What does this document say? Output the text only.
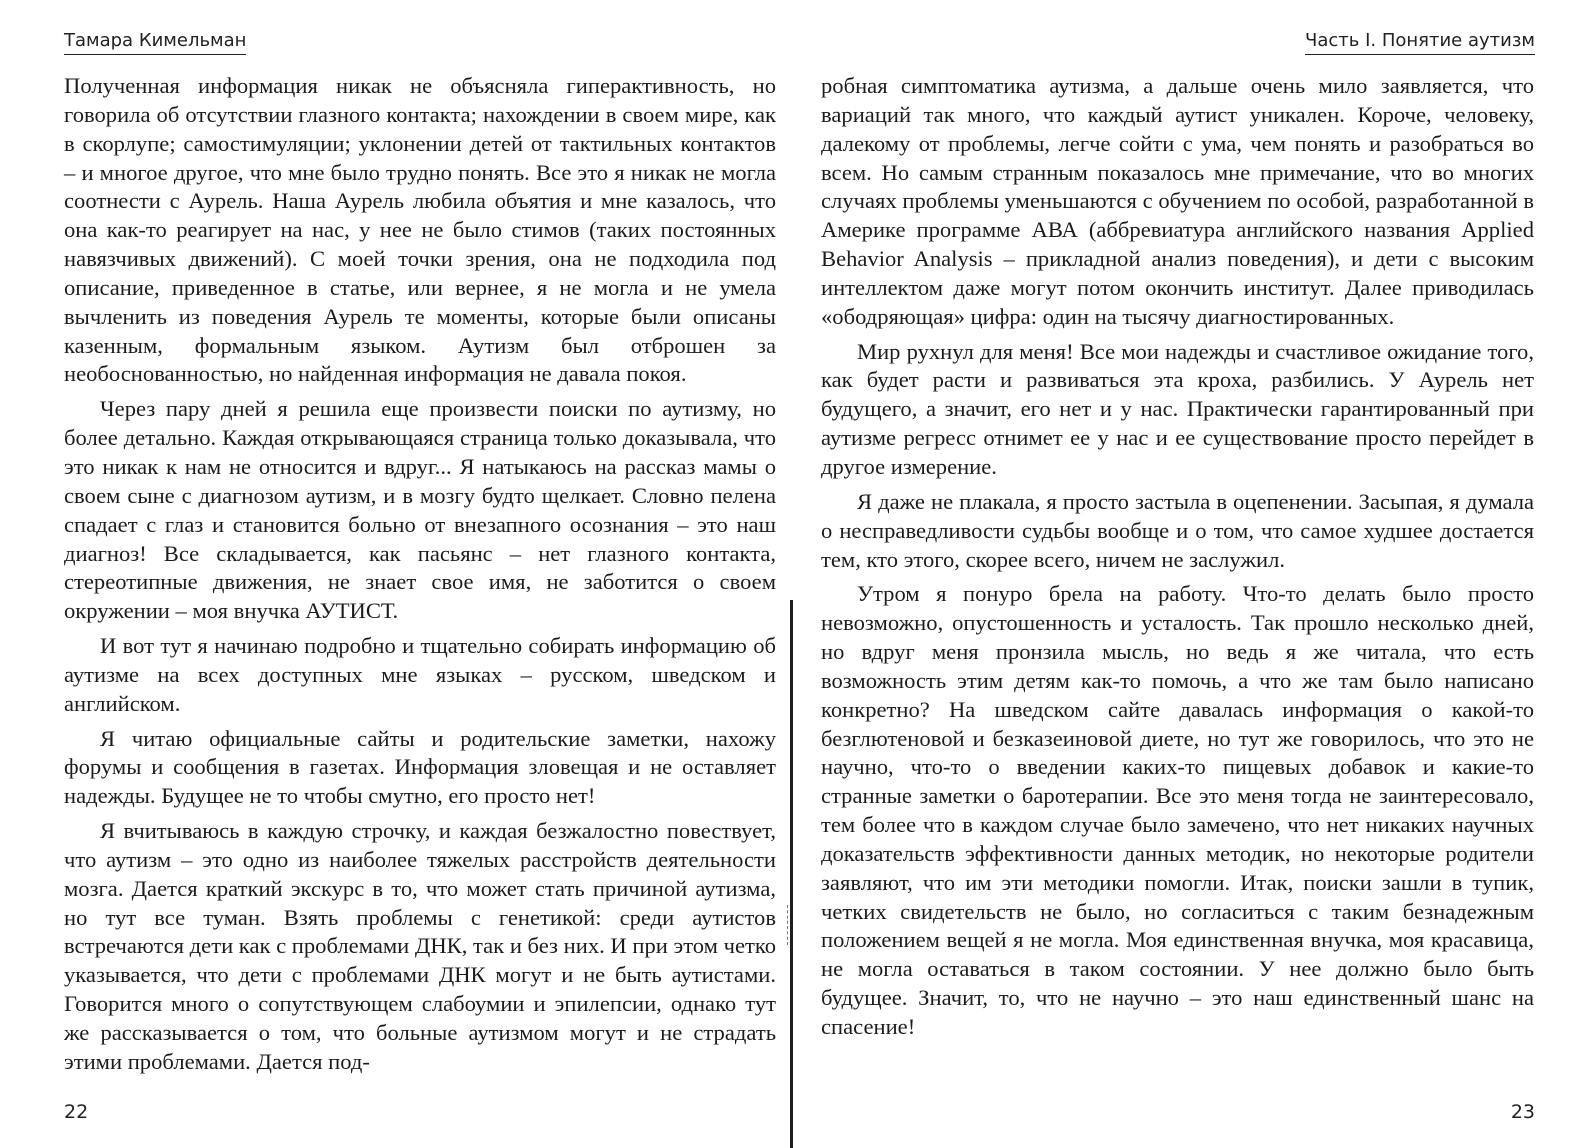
Тамара Кимельман

Полученная информация никак не объясняла гиперактивность, но говорила об отсутствии глазного контакта; нахождении в своем мире, как в скорлупе; самостимуляции; уклонении детей от тактильных контактов – и многое другое, что мне было трудно понять. Все это я никак не могла соотнести с Аурель. Наша Аурель любила объятия и мне казалось, что она как-то реагирует на нас, у нее не было стимов (таких постоянных навязчивых движений). С моей точки зрения, она не подходила под описание, приведенное в статье, или вернее, я не могла и не умела вычленить из поведения Аурель те моменты, которые были описаны казенным, формальным языком. Аутизм был отброшен за необоснованностью, но найденная информация не давала покоя.

Через пару дней я решила еще произвести поиски по аутизму, но более детально. Каждая открывающаяся страница только доказывала, что это никак к нам не относится и вдруг... Я натыкаюсь на рассказ мамы о своем сыне с диагнозом аутизм, и в мозгу будто щелкает. Словно пелена спадает с глаз и становится больно от внезапного осознания – это наш диагноз! Все складывается, как пасьянс – нет глазного контакта, стереотипные движения, не знает свое имя, не заботится о своем окружении – моя внучка АУТИСТ.

И вот тут я начинаю подробно и тщательно собирать информацию об аутизме на всех доступных мне языках – русском, шведском и английском.

Я читаю официальные сайты и родительские заметки, нахожу форумы и сообщения в газетах. Информация зловещая и не оставляет надежды. Будущее не то чтобы смутно, его просто нет!

Я вчитываюсь в каждую строчку, и каждая безжалостно повествует, что аутизм – это одно из наиболее тяжелых расстройств деятельности мозга. Дается краткий экскурс в то, что может стать причиной аутизма, но тут все туман. Взять проблемы с генетикой: среди аутистов встречаются дети как с проблемами ДНК, так и без них. И при этом четко указывается, что дети с проблемами ДНК могут и не быть аутистами. Говорится много о сопутствующем слабоумии и эпилепсии, однако тут же рассказывается о том, что больные аутизмом могут и не страдать этими проблемами. Дается под-

22
Часть I. Понятие аутизм

робная симптоматика аутизма, а дальше очень мило заявляется, что вариаций так много, что каждый аутист уникален. Короче, человеку, далекому от проблемы, легче сойти с ума, чем понять и разобраться во всем. Но самым странным показалось мне примечание, что во многих случаях проблемы уменьшаются с обучением по особой, разработанной в Америке программе АВА (аббревиатура английского названия Applied Behavior Analysis – прикладной анализ поведения), и дети с высоким интеллектом даже могут потом окончить институт. Далее приводилась «ободряющая» цифра: один на тысячу диагностированных.

Мир рухнул для меня! Все мои надежды и счастливое ожидание того, как будет расти и развиваться эта кроха, разбились. У Аурель нет будущего, а значит, его нет и у нас. Практически гарантированный при аутизме регресс отнимет ее у нас и ее существование просто перейдет в другое измерение.

Я даже не плакала, я просто застыла в оцепенении. Засыпая, я думала о несправедливости судьбы вообще и о том, что самое худшее достается тем, кто этого, скорее всего, ничем не заслужил.

Утром я понуро брела на работу. Что-то делать было просто невозможно, опустошенность и усталость. Так прошло несколько дней, но вдруг меня пронзила мысль, но ведь я же читала, что есть возможность этим детям как-то помочь, а что же там было написано конкретно? На шведском сайте давалась информация о какой-то безглютеновой и безказеиновой диете, но тут же говорилось, что это не научно, что-то о введении каких-то пищевых добавок и какие-то странные заметки о баротерапии. Все это меня тогда не заинтересовало, тем более что в каждом случае было замечено, что нет никаких научных доказательств эффективности данных методик, но некоторые родители заявляют, что им эти методики помогли. Итак, поиски зашли в тупик, четких свидетельств не было, но согласиться с таким безнадежным положением вещей я не могла. Моя единственная внучка, моя красавица, не могла оставаться в таком состоянии. У нее должно было быть будущее. Значит, то, что не научно – это наш единственный шанс на спасение!

23
